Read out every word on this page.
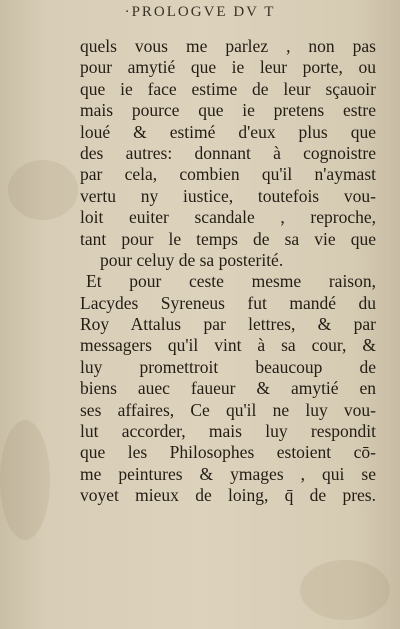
·PROLOGVE DV T
quels vous me parlez , non pas
pour amytié que ie leur porte, ou
que ie face estime de leur sçauoir
mais pource que ie pretens estre
loué & estimé d'eux plus que
des autres: donnant à cognoistre
par cela, combien qu'il n'aymast
vertu ny iustice, toutefois vou-
loit euiter scandale , reproche,
tant pour le temps de sa vie que
pour celuy de sa posterité.
Et pour ceste mesme raison,
Lacydes Syreneus fut mandé du
Roy Attalus par lettres, & par
messagers qu'il vint à sa cour, &
luy promettroit beaucoup de
biens auec faueur & amytié en
ses affaires, Ce qu'il ne luy vou-
lut accorder, mais luy respondit
que les Philosophes estoient cō-
me peintures & ymages , qui se
voyet mieux de loing, q̄ de pres.
